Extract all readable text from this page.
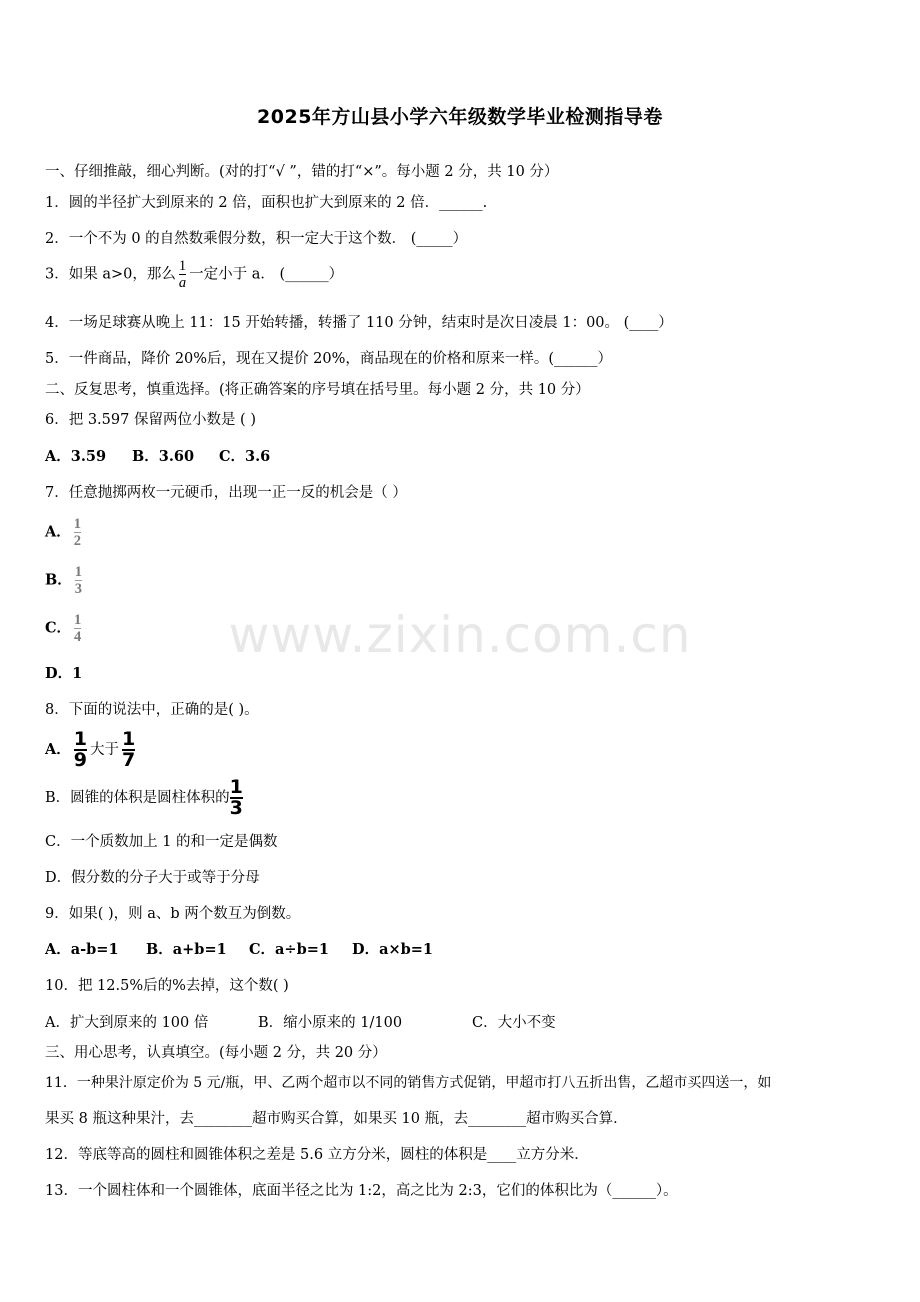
2025年方山县小学六年级数学毕业检测指导卷
一、仔细推敲，细心判断。(对的打“√ ”，错的打“×”。每小题 2 分，共 10 分）
1．圆的半径扩大到原来的 2 倍，面积也扩大到原来的 2 倍．______.
2．一个不为 0 的自然数乘假分数，积一定大于这个数． (_____）
3．如果 a>0，那么 $\frac{1}{a}$ 一定小于 a． (______）
4．一场足球赛从晚上 11：15 开始转播，转播了 110 分钟，结束时是次日凌晨 1：00。 (____）
5．一件商品，降价 20%后，现在又提价 20%，商品现在的价格和原来一样。(______）
二、反复思考，慎重选择。(将正确答案的序号填在括号里。每小题 2 分，共 10 分）
6．把 3.597 保留两位小数是 ( )
A．3.59 B．3.60 C．3.6
7．任意抛掷两枚一元硬币，出现一正一反的机会是（ ）
A． $\frac{1}{2}$
B． $\frac{1}{3}$
C． $\frac{1}{4}$
D．1
8．下面的说法中，正确的是( )。
A． $\frac{1}{9}$ 大于 $\frac{1}{7}$
B．圆锥的体积是圆柱体积的 $\frac{1}{3}$
C．一个质数加上 1 的和一定是偶数
D．假分数的分子大于或等于分母
9．如果( )，则 a、b 两个数互为倒数。
A．a-b=1 B．a+b=1 C．a÷b=1 D．a×b=1
10．把 12.5%后的%去掉，这个数( )
A．扩大到原来的 100 倍	B．缩小原来的 1/100	C．大小不变
三、用心思考，认真填空。(每小题 2 分，共 20 分）
11．一种果汁原定价为 5 元/瓶，甲、乙两个超市以不同的销售方式促销，甲超市打八五折出售，乙超市买四送一，如
果买 8 瓶这种果汁，去________超市购买合算，如果买 10 瓶，去________超市购买合算．
12．等底等高的圆柱和圆锥体积之差是 5.6 立方分米，圆柱的体积是____立方分米．
13．一个圆柱体和一个圆锥体，底面半径之比为 1:2，高之比为 2:3，它们的体积比为（______）。
www.zixin.com.cn
